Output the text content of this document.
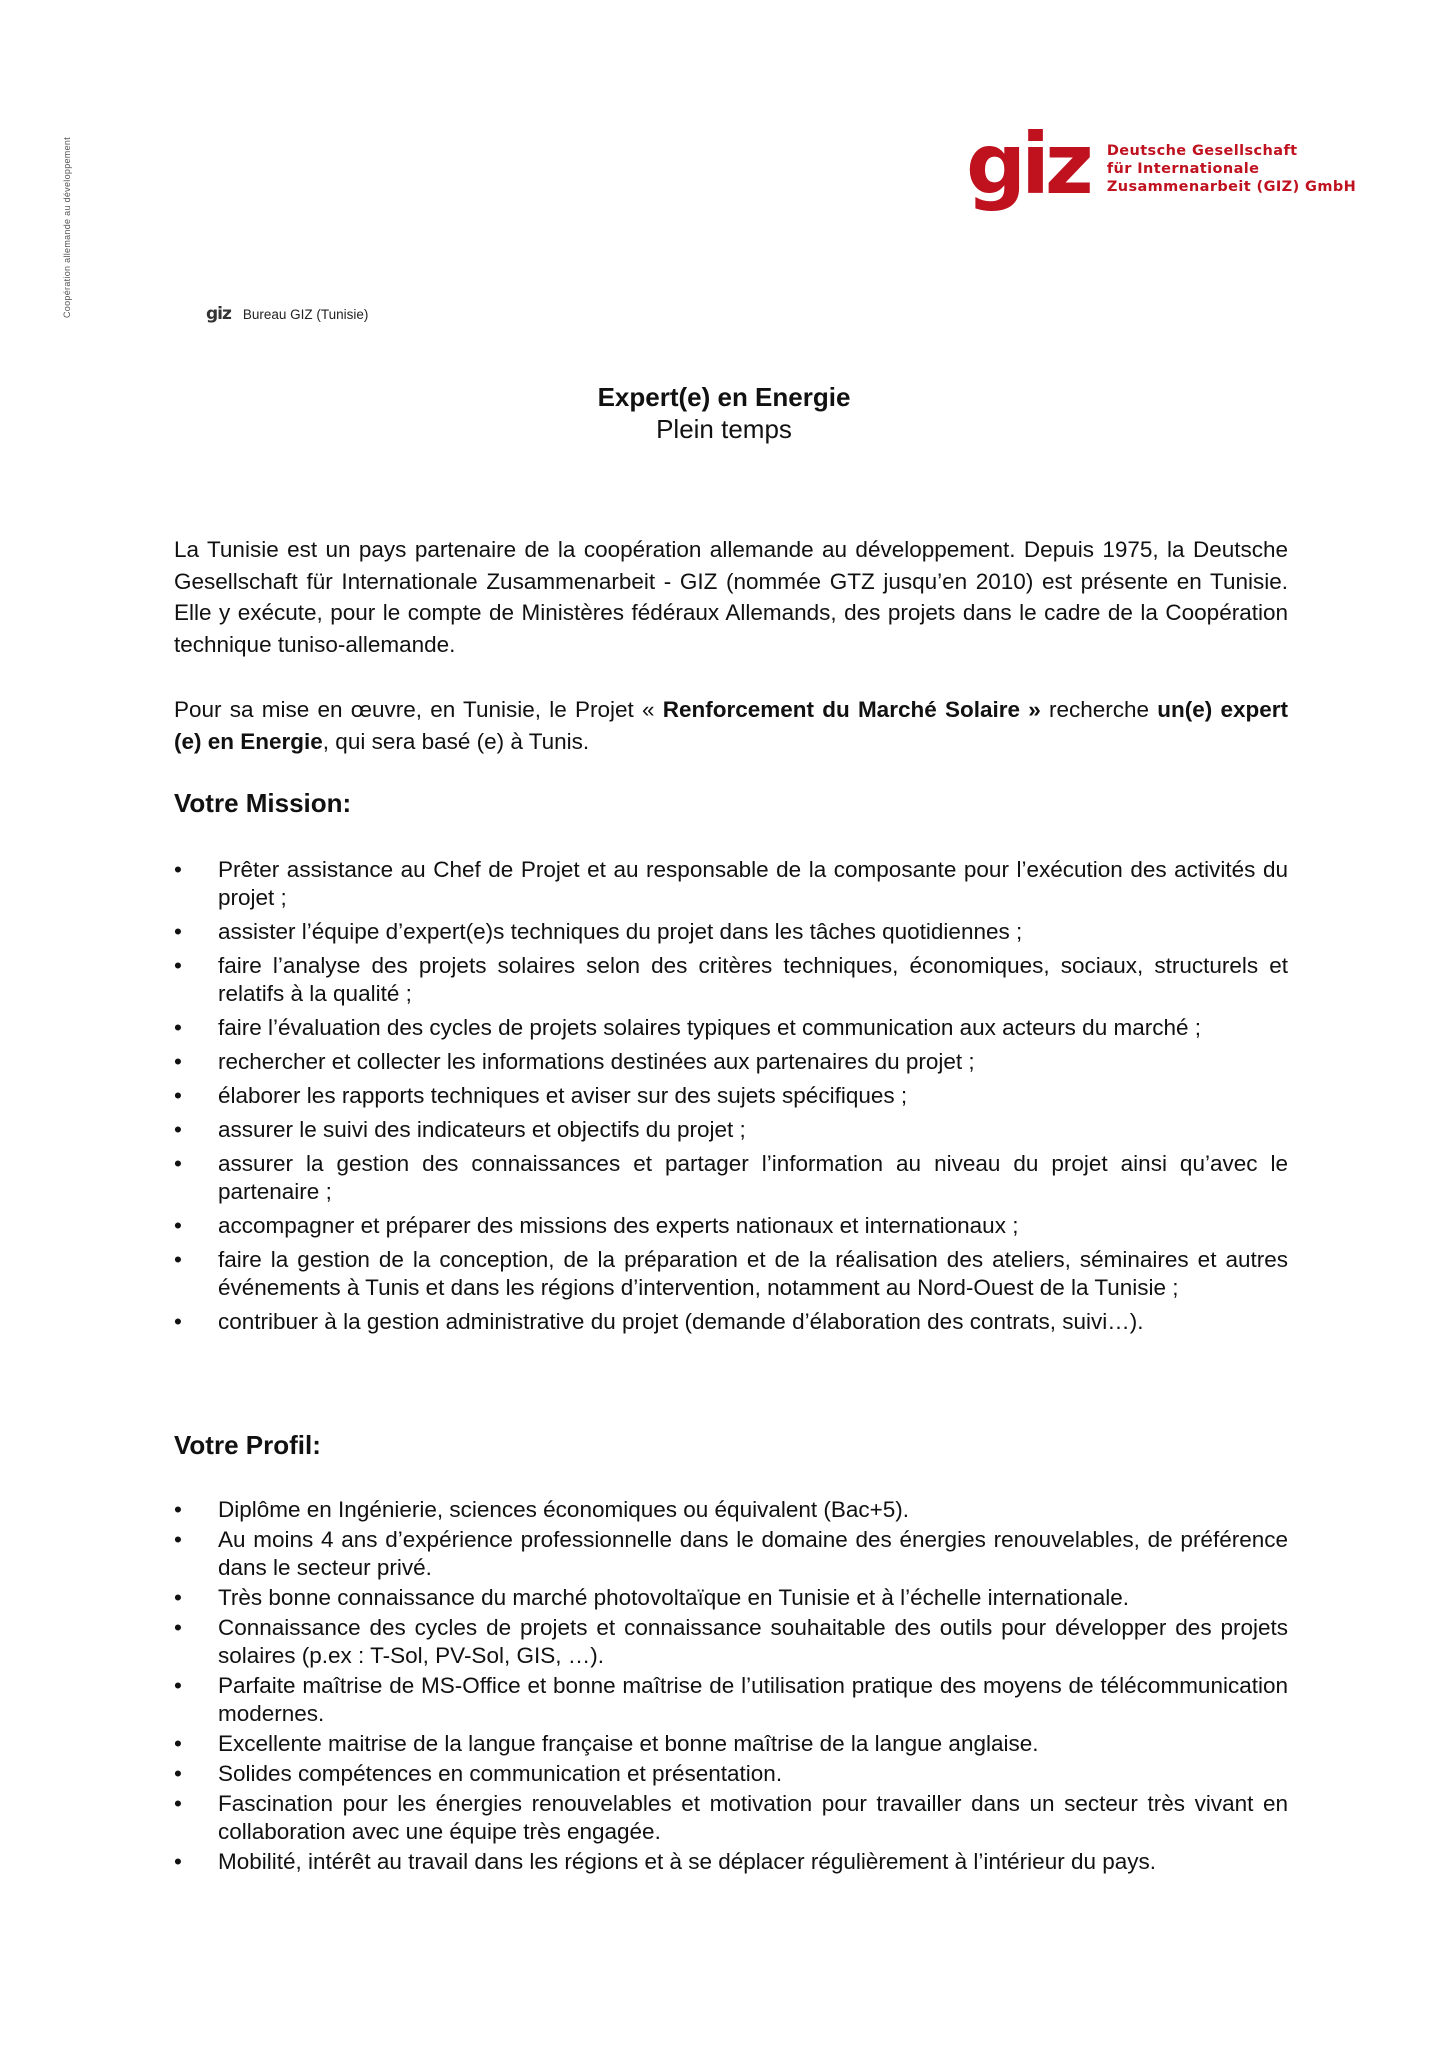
Coopération allemande au développement	giz Deutsche Gesellschaft
für Internationale
Zusammenarbeit (GIZ) GmbH
giz Bureau GIZ (Tunisie)
Expert(e) en Energie
Plein temps

La Tunisie est un pays partenaire de la coopération allemande au développement. Depuis 1975, la Deutsche Gesellschaft für Internationale Zusammenarbeit - GIZ (nommée GTZ jusqu’en 2010) est présente en Tunisie. Elle y exécute, pour le compte de Ministères fédéraux Allemands, des projets dans le cadre de la Coopération technique tuniso-allemande.

Pour sa mise en œuvre, en Tunisie, le Projet « Renforcement du Marché Solaire » recherche un(e) expert (e) en Energie, qui sera basé (e) à Tunis.

Votre Mission:
•	Prêter assistance au Chef de Projet et au responsable de la composante pour l’exécution des activités du projet ;
•	assister l’équipe d’expert(e)s techniques du projet dans les tâches quotidiennes ;
•	faire l’analyse des projets solaires selon des critères techniques, économiques, sociaux, structurels et relatifs à la qualité ;
•	faire l’évaluation des cycles de projets solaires typiques et communication aux acteurs du marché ;
•	rechercher et collecter les informations destinées aux partenaires du projet ;
•	élaborer les rapports techniques et aviser sur des sujets spécifiques ;
•	assurer le suivi des indicateurs et objectifs du projet ;
•	assurer la gestion des connaissances et partager l’information au niveau du projet ainsi qu’avec le partenaire ;
•	accompagner et préparer des missions des experts nationaux et internationaux ;
•	faire la gestion de la conception, de la préparation et de la réalisation des ateliers, séminaires et autres événements à Tunis et dans les régions d’intervention, notamment au Nord-Ouest de la Tunisie ;
•	contribuer à la gestion administrative du projet (demande d’élaboration des contrats, suivi…).
Votre Profil:
•	Diplôme en Ingénierie, sciences économiques ou équivalent (Bac+5).
•	Au moins 4 ans d’expérience professionnelle dans le domaine des énergies renouvelables, de préférence dans le secteur privé.
•	Très bonne connaissance du marché photovoltaïque en Tunisie et à l’échelle internationale.
•	Connaissance des cycles de projets et connaissance souhaitable des outils pour développer des projets solaires (p.ex : T-Sol, PV-Sol, GIS, …).
•	Parfaite maîtrise de MS-Office et bonne maîtrise de l’utilisation pratique des moyens de télécommunication modernes.
•	Excellente maitrise de la langue française et bonne maîtrise de la langue anglaise.
•	Solides compétences en communication et présentation.
•	Fascination pour les énergies renouvelables et motivation pour travailler dans un secteur très vivant en collaboration avec une équipe très engagée.
•	Mobilité, intérêt au travail dans les régions et à se déplacer régulièrement à l’intérieur du pays.
